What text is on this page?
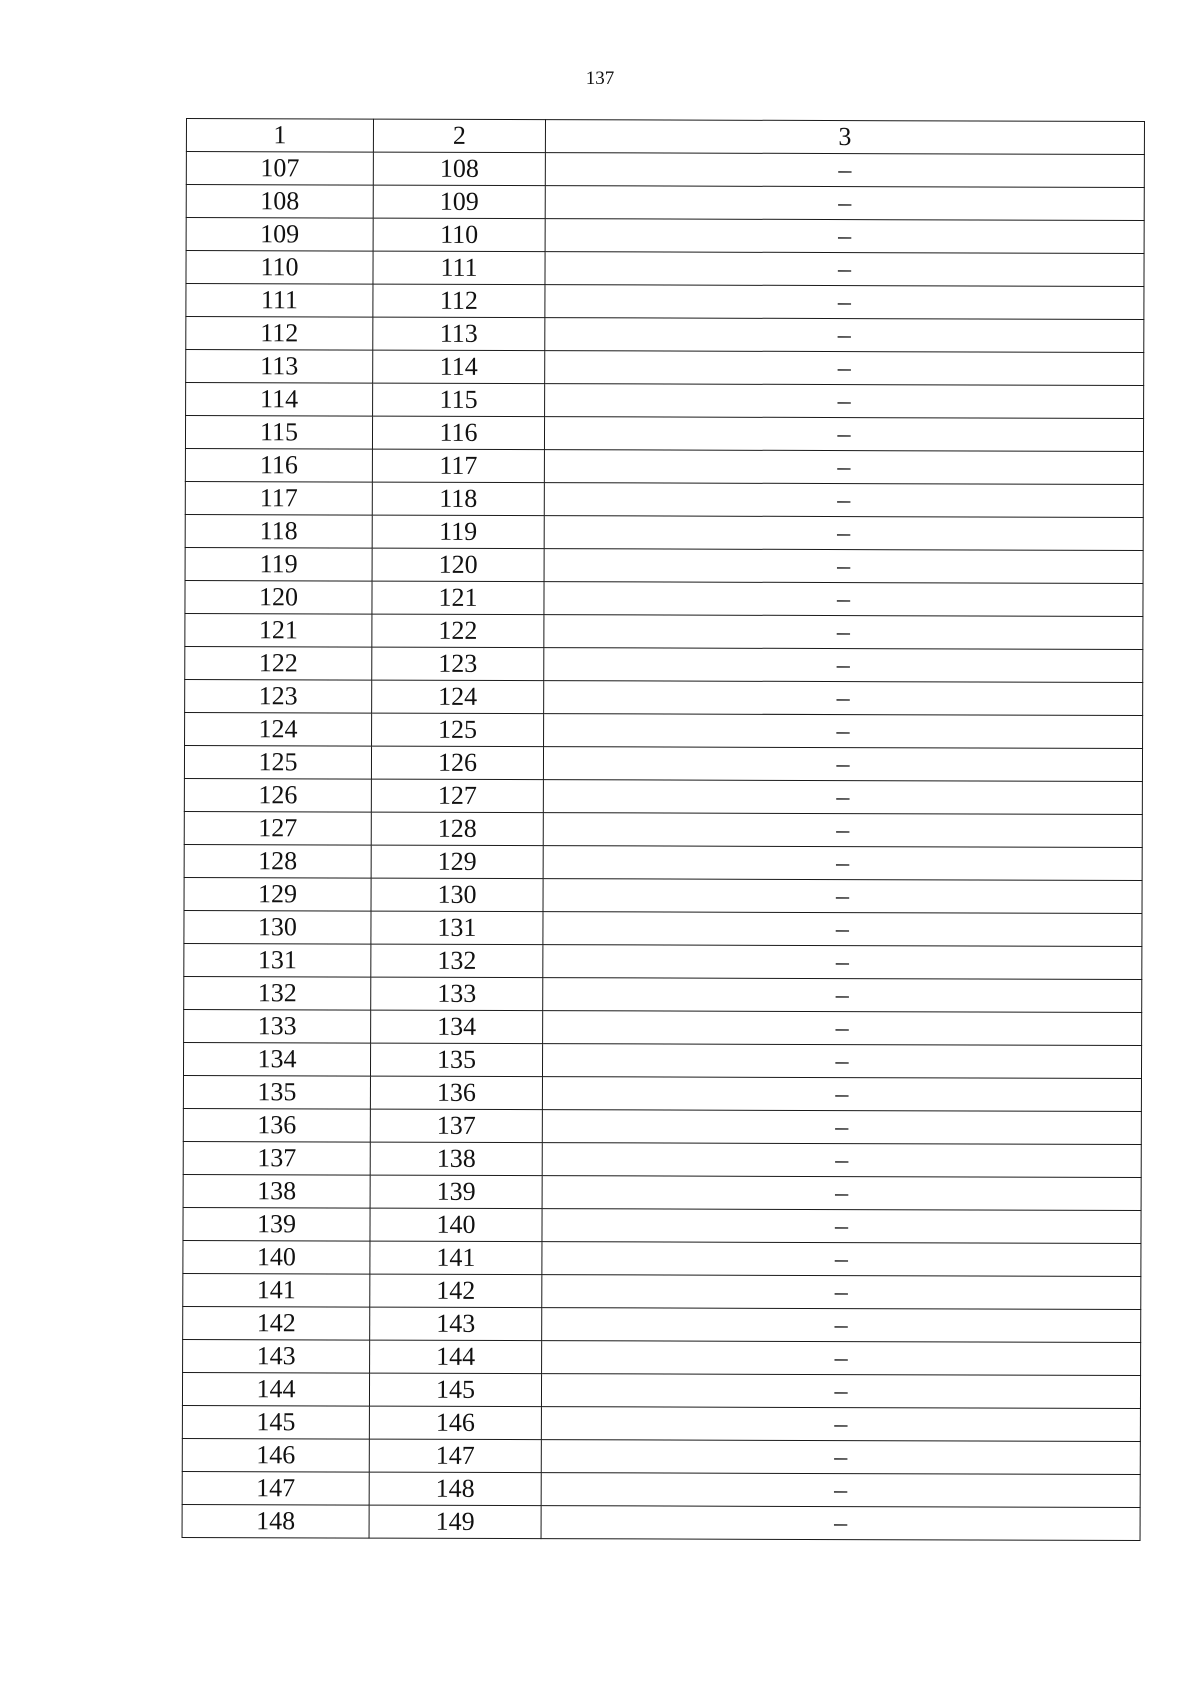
137
1	2	3
107	108	–
108	109	–
109	110	–
110	111	–
111	112	–
112	113	–
113	114	–
114	115	–
115	116	–
116	117	–
117	118	–
118	119	–
119	120	–
120	121	–
121	122	–
122	123	–
123	124	–
124	125	–
125	126	–
126	127	–
127	128	–
128	129	–
129	130	–
130	131	–
131	132	–
132	133	–
133	134	–
134	135	–
135	136	–
136	137	–
137	138	–
138	139	–
139	140	–
140	141	–
141	142	–
142	143	–
143	144	–
144	145	–
145	146	–
146	147	–
147	148	–
148	149	–
